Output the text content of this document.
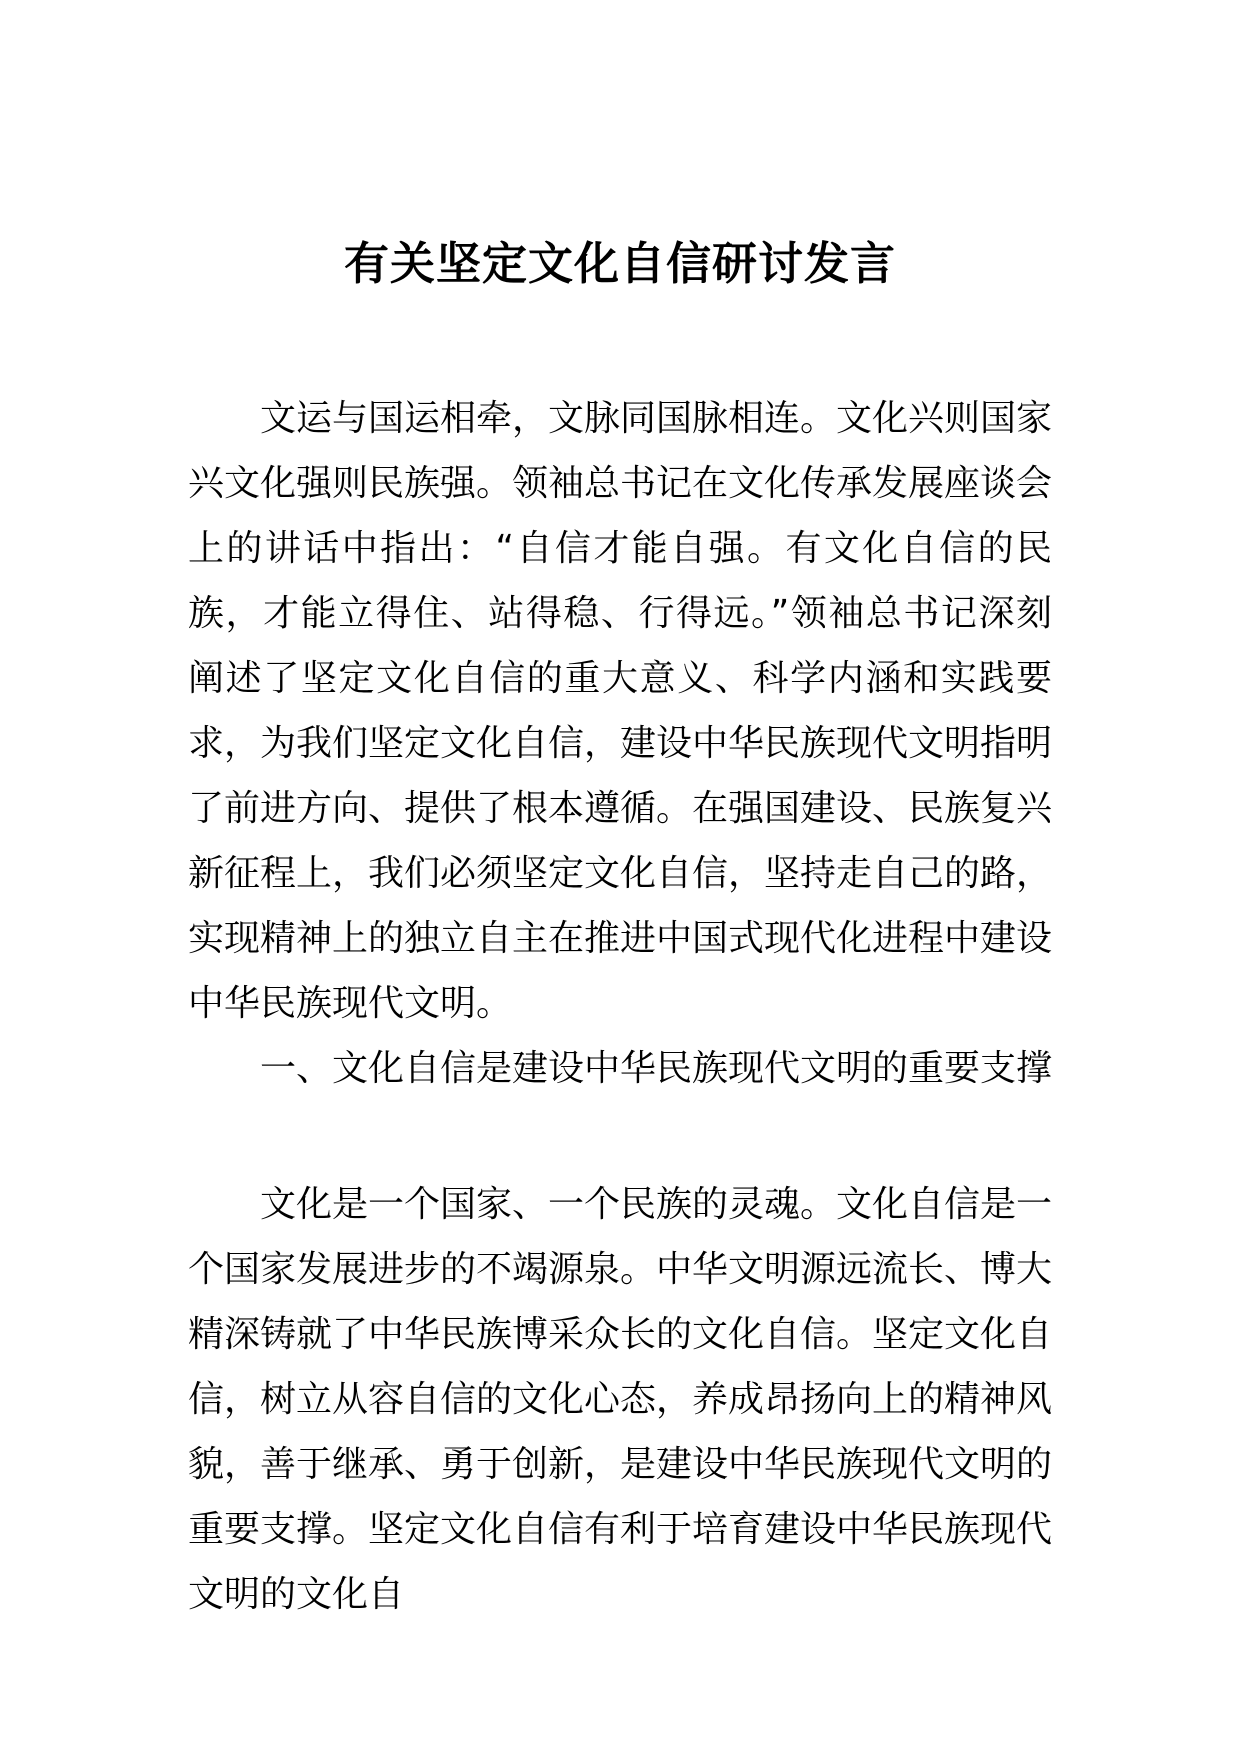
有关坚定文化自信研讨发言

文运与国运相牵，文脉同国脉相连。文化兴则国家兴文化强则民族强。领袖总书记在文化传承发展座谈会上的讲话中指出：“自信才能自强。有文化自信的民族，才能立得住、站得稳、行得远。”领袖总书记深刻阐述了坚定文化自信的重大意义、科学内涵和实践要求，为我们坚定文化自信，建设中华民族现代文明指明了前进方向、提供了根本遵循。在强国建设、民族复兴新征程上，我们必须坚定文化自信，坚持走自己的路，实现精神上的独立自主在推进中国式现代化进程中建设中华民族现代文明。

一、文化自信是建设中华民族现代文明的重要支撑

文化是一个国家、一个民族的灵魂。文化自信是一个国家发展进步的不竭源泉。中华文明源远流长、博大精深铸就了中华民族博采众长的文化自信。坚定文化自信，树立从容自信的文化心态，养成昂扬向上的精神风貌，善于继承、勇于创新，是建设中华民族现代文明的重要支撑。坚定文化自信有利于培育建设中华民族现代文明的文化自
